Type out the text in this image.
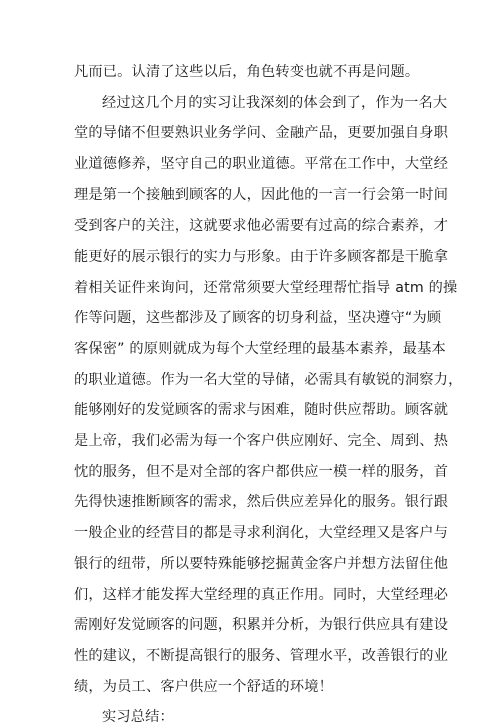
凡而已。认清了这些以后，角色转变也就不再是问题。
经过这几个月的实习让我深刻的体会到了，作为一名大
堂的导储不但要熟识业务学问、金融产品，更要加强自身职
业道德修养，坚守自己的职业道德。平常在工作中，大堂经
理是第一个接触到顾客的人，因此他的一言一行会第一时间
受到客户的关注，这就要求他必需要有过高的综合素养，才
能更好的展示银行的实力与形象。由于许多顾客都是干脆拿
着相关证件来询问，还常常须要大堂经理帮忙指导 atm 的操
作等问题，这些都涉及了顾客的切身利益，坚决遵守“为顾
客保密” 的原则就成为每个大堂经理的最基本素养，最基本
的职业道德。作为一名大堂的导储，必需具有敏锐的洞察力，
能够刚好的发觉顾客的需求与困难，随时供应帮助。顾客就
是上帝，我们必需为每一个客户供应刚好、完全、周到、热
忱的服务，但不是对全部的客户都供应一模一样的服务，首
先得快速推断顾客的需求，然后供应差异化的服务。银行跟
一般企业的经营目的都是寻求利润化，大堂经理又是客户与
银行的纽带，所以要特殊能够挖掘黄金客户并想方法留住他
们，这样才能发挥大堂经理的真正作用。同时，大堂经理必
需刚好发觉顾客的问题，积累并分析，为银行供应具有建设
性的建议，不断提高银行的服务、管理水平，改善银行的业
绩，为员工、客户供应一个舒适的环境！
实习总结：
